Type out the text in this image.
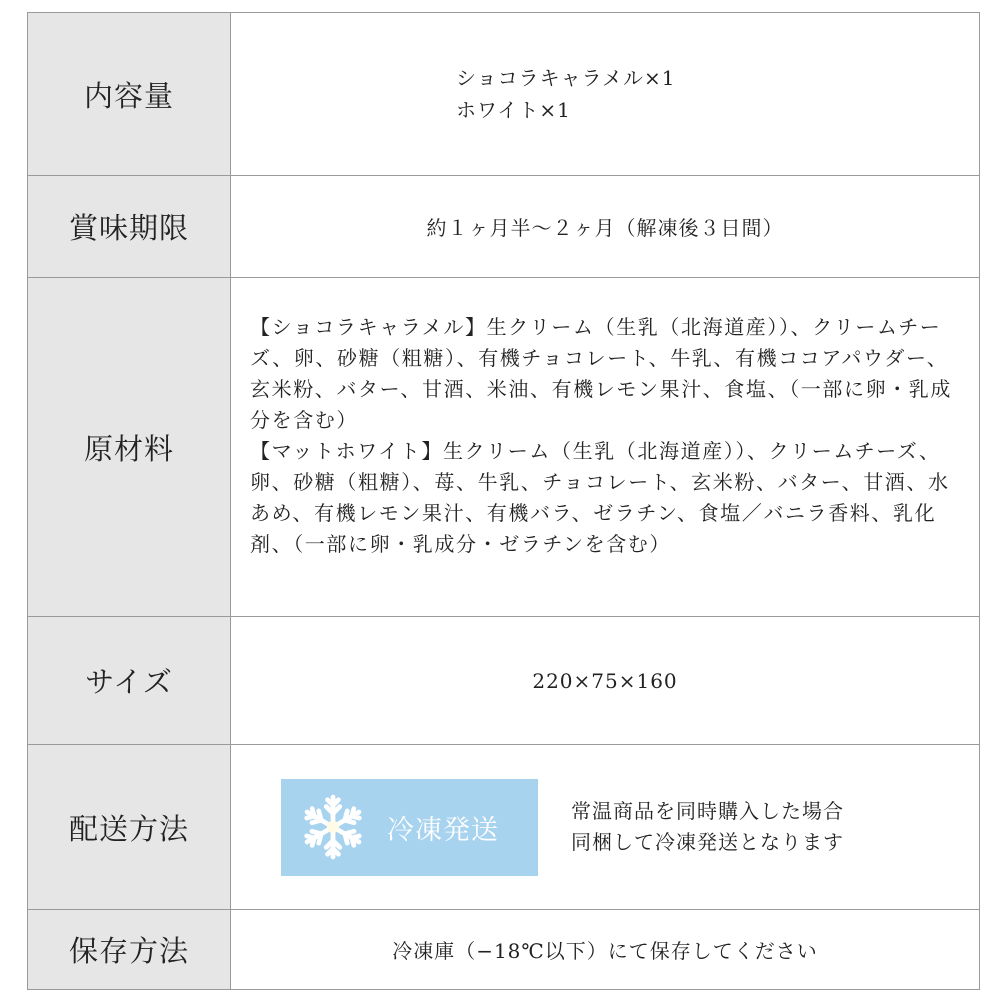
内容量	ショコラキャラメル×1
ホワイト×1

賞味期限	約１ヶ月半～２ヶ月（解凍後３日間）

原材料	【ショコラキャラメル】生クリーム（生乳（北海道産））、クリームチーズ、卵、砂糖（粗糖）、有機チョコレート、牛乳、有機ココアパウダー、玄米粉、バター、甘酒、米油、有機レモン果汁、食塩、（一部に卵・乳成分を含む）

【マットホワイト】生クリーム（生乳（北海道産））、クリームチーズ、卵、砂糖（粗糖）、苺、牛乳、チョコレート、玄米粉、バター、甘酒、水あめ、有機レモン果汁、有機バラ、ゼラチン、食塩／バニラ香料、乳化剤、（一部に卵・乳成分・ゼラチンを含む）

サイズ	220×75×160

配送方法	冷凍発送
常温商品を同時購入した場合
同梱して冷凍発送となります

保存方法	冷凍庫（−18℃以下）にて保存してください
